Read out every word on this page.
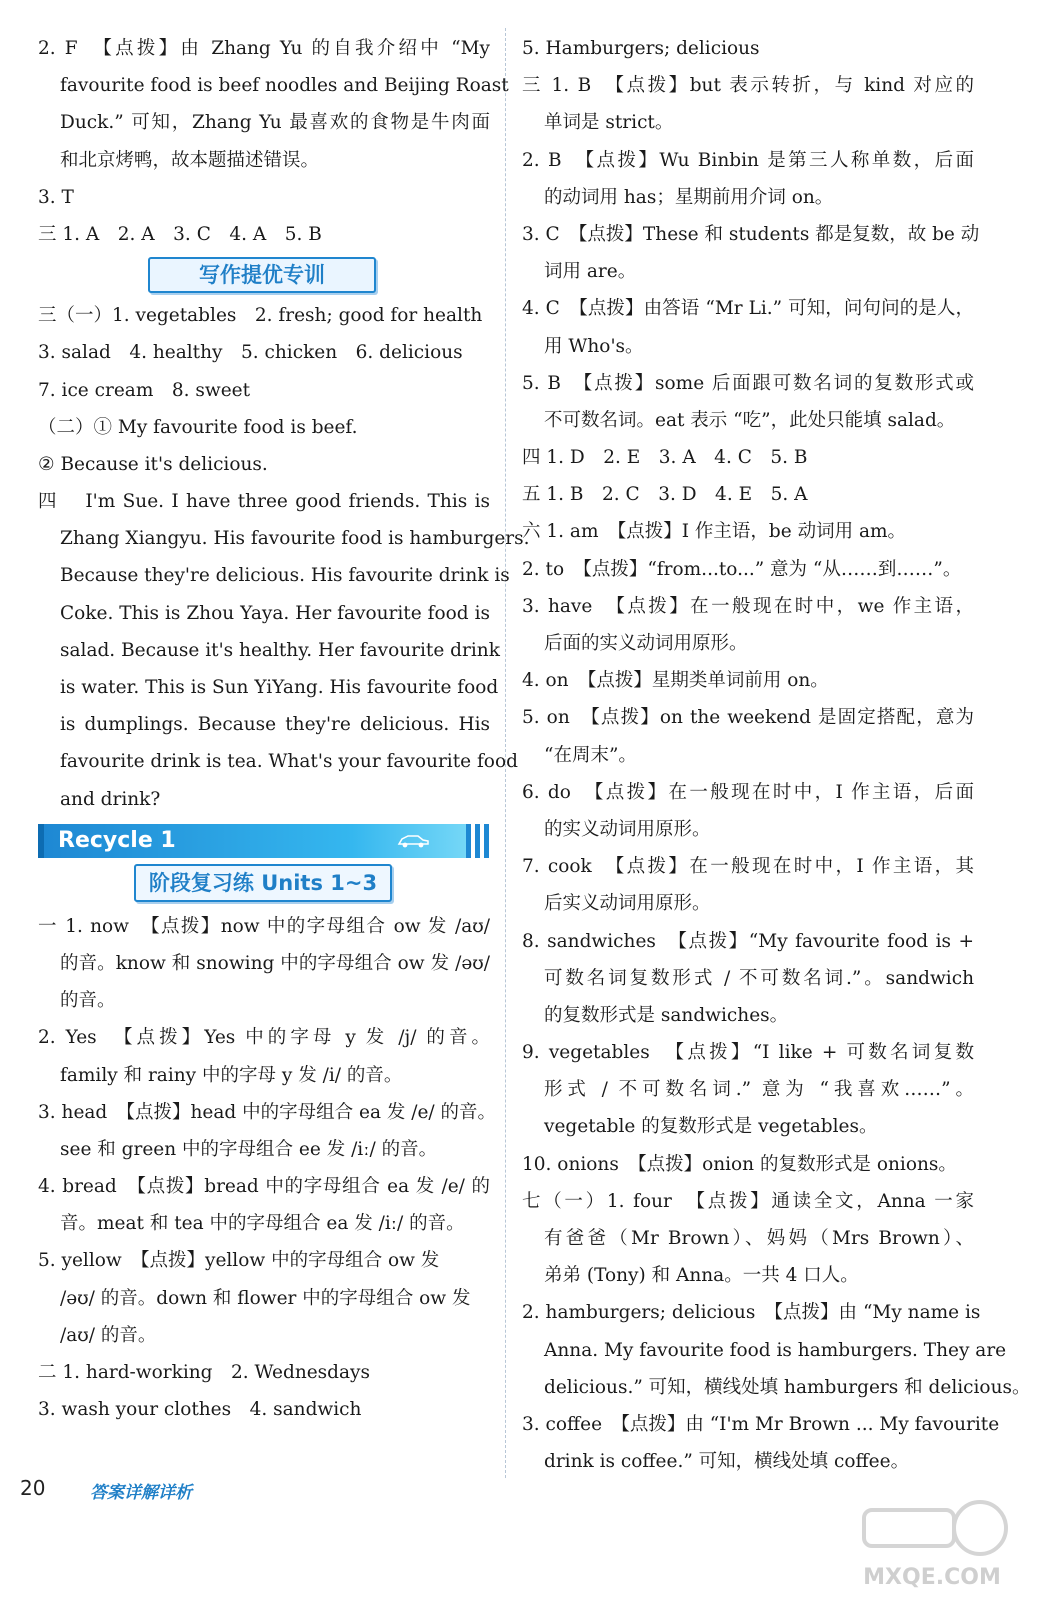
2. F　【点拨】由 Zhang Yu 的自我介绍中 “My
favourite food is beef noodles and Beijing Roast
Duck.” 可知，Zhang Yu 最喜欢的食物是牛肉面
和北京烤鸭，故本题描述错误。
3. T
三 1. A　2. A　3. C　4. A　5. B
写作提优专训
三（一）1. vegetables　2. fresh; good for health
3. salad　4. healthy　5. chicken　6. delicious
7. ice cream　8. sweet
（二）① My favourite food is beef.
② Because it's delicious.
四　 I'm Sue. I have three good friends. This is
Zhang Xiangyu. His favourite food is hamburgers.
Because they're delicious. His favourite drink is
Coke. This is Zhou Yaya. Her favourite food is
salad. Because it's healthy. Her favourite drink
is water. This is Sun YiYang. His favourite food
is dumplings. Because they're delicious. His
favourite drink is tea. What's your favourite food
and drink?
Recycle 1
阶段复习练 Units 1~3
一 1. now　【点拨】now 中的字母组合 ow 发 /aʊ/
的音。know 和 snowing 中的字母组合 ow 发 /əʊ/
的音。
2. Yes　【点拨】Yes 中的字母 y 发 /j/ 的音。
family 和 rainy 中的字母 y 发 /i/ 的音。
3. head　【点拨】head 中的字母组合 ea 发 /e/ 的音。
see 和 green 中的字母组合 ee 发 /iː/ 的音。
4. bread　【点拨】bread 中的字母组合 ea 发 /e/ 的
音。meat 和 tea 中的字母组合 ea 发 /iː/ 的音。
5. yellow　【点拨】yellow 中的字母组合 ow 发
/əʊ/ 的音。down 和 flower 中的字母组合 ow 发
/aʊ/ 的音。
二 1. hard-working　2. Wednesdays
3. wash your clothes　4. sandwich
5. Hamburgers; delicious
三 1. B　【点拨】but 表示转折，与 kind 对应的
单词是 strict。
2. B　【点拨】Wu Binbin 是第三人称单数，后面
的动词用 has；星期前用介词 on。
3. C　【点拨】These 和 students 都是复数，故 be 动
词用 are。
4. C　【点拨】由答语 “Mr Li.” 可知，问句问的是人，
用 Who's。
5. B　【点拨】some 后面跟可数名词的复数形式或
不可数名词。eat 表示 “吃”，此处只能填 salad。
四 1. D　2. E　3. A　4. C　5. B
五 1. B　2. C　3. D　4. E　5. A
六 1. am　【点拨】I 作主语，be 动词用 am。
2. to　【点拨】“from...to...” 意为 “从……到……”。
3. have　【点拨】在一般现在时中，we 作主语，
后面的实义动词用原形。
4. on　【点拨】星期类单词前用 on。
5. on　【点拨】on the weekend 是固定搭配，意为
“在周末”。
6. do　【点拨】在一般现在时中，I 作主语，后面
的实义动词用原形。
7. cook　【点拨】在一般现在时中，I 作主语，其
后实义动词用原形。
8. sandwiches　【点拨】“My favourite food is +
可数名词复数形式 / 不可数名词.”。sandwich
的复数形式是 sandwiches。
9. vegetables　【点拨】“I like + 可数名词复数
形式 / 不可数名词.” 意为 “我喜欢……”。
vegetable 的复数形式是 vegetables。
10. onions　【点拨】onion 的复数形式是 onions。
七（一）1. four　【点拨】通读全文，Anna 一家
有爸爸（Mr Brown）、妈妈（Mrs Brown）、
弟弟 (Tony) 和 Anna。一共 4 口人。
2. hamburgers; delicious　【点拨】由 “My name is
Anna. My favourite food is hamburgers. They are
delicious.” 可知，横线处填 hamburgers 和 delicious。
3. coffee　【点拨】由 “I'm Mr Brown ... My favourite
drink is coffee.” 可知，横线处填 coffee。
20	答案详解详析
MXQE.COM
